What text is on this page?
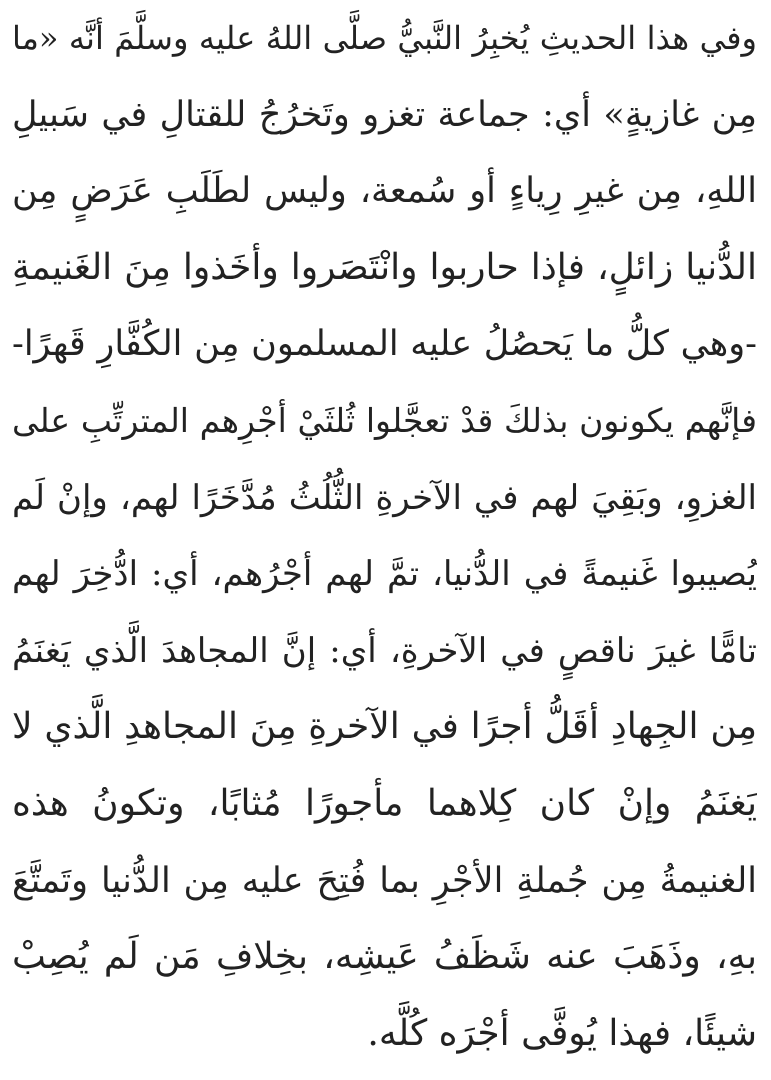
وفي هذا الحديثِ يُخبِرُ النَّبيُّ صلَّى اللهُ عليه وسلَّمَ أنَّه «ما
مِن غازيةٍ» أي: جماعة تغزو وتَخرُجُ للقتالِ في سَبيلِ
اللهِ، مِن غيرِ رِياءٍ أو سُمعة، وليس لطَلَبِ عَرَضٍ مِن
الدُّنيا زائلٍ، فإذا حاربوا وانْتَصَروا وأخَذوا مِنَ الغَنيمةِ
-وهي كلُّ ما يَحصُلُ عليه المسلمون مِن الكُفَّارِ قَهرًا-
فإنَّهم يكونون بذلكَ قدْ تعجَّلوا ثُلثَيْ أجْرِهم المترتِّبِ على
الغزوِ، وبَقِيَ لهم في الآخرةِ الثُّلُثُ مُدَّخَرًا لهم، وإنْ لَم
يُصيبوا غَنيمةً في الدُّنيا، تمَّ لهم أجْرُهم، أي: ادُّخِرَ لهم
تامًّا غيرَ ناقصٍ في الآخرةِ، أي: إنَّ المجاهدَ الَّذي يَغنَمُ
مِن الجِهادِ أقَلُّ أجرًا في الآخرةِ مِنَ المجاهدِ الَّذي لا
يَغنَمُ وإنْ كان كِلاهما مأجورًا مُثابًا، وتكونُ هذه
الغنيمةُ مِن جُملةِ الأجْرِ بما فُتِحَ عليه مِن الدُّنيا وتَمتَّعَ
بهِ، وذَهَبَ عنه شَظَفُ عَيشِه، بخِلافِ مَن لَم يُصِبْ
شيئًا، فهذا يُوفَّى أجْرَه كُلَّه.
